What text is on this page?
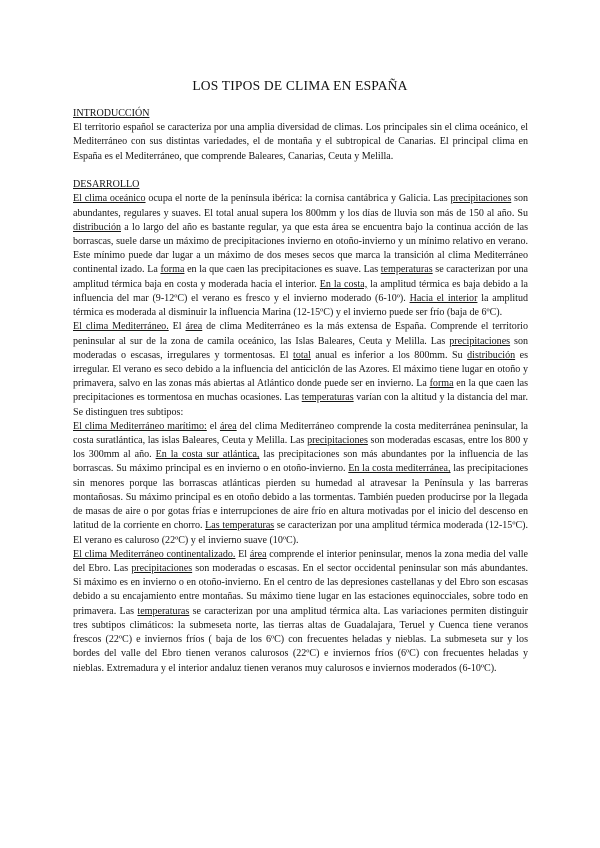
LOS TIPOS DE CLIMA EN ESPAÑA
INTRODUCCIÓN

El territorio español se caracteriza por una amplia diversidad de climas. Los principales sin el clima oceánico, el Mediterráneo con sus distintas variedades, el de montaña y el subtropical de Canarias. El principal clima en España es el Mediterráneo, que comprende Baleares, Canarias, Ceuta y Melilla.

DESARROLLO

El clima oceánico ocupa el norte de la península ibérica: la cornisa cantábrica y Galicia. Las precipitaciones son abundantes, regulares y suaves. El total anual supera los 800mm y los días de lluvia son más de 150 al año. Su distribución a lo largo del año es bastante regular, ya que esta área se encuentra bajo la continua acción de las borrascas, suele darse un máximo de precipitaciones invierno en otoño-invierno y un mínimo relativo en verano. Este mínimo puede dar lugar a un máximo de dos meses secos que marca la transición al clima Mediterráneo continental izado. La forma en la que caen las precipitaciones es suave. Las temperaturas se caracterizan por una amplitud térmica baja en costa y moderada hacia el interior. En la costa, la amplitud térmica es baja debido a la influencia del mar (9-12ºC) el verano es fresco y el invierno moderado (6-10º). Hacia el interior la amplitud térmica es moderada al disminuir la influencia Marina (12-15ºC) y el invierno puede ser frío (baja de 6ºC).

El clima Mediterráneo. El área de clima Mediterráneo es la más extensa de España. Comprende el territorio peninsular al sur de la zona de camila oceánico, las Islas Baleares, Ceuta y Melilla. Las precipitaciones son moderadas o escasas, irregulares y tormentosas. El total anual es inferior a los 800mm. Su distribución es irregular. El verano es seco debido a la influencia del anticiclón de las Azores. El máximo tiene lugar en otoño y primavera, salvo en las zonas más abiertas al Atlántico donde puede ser en invierno. La forma en la que caen las precipitaciones es tormentosa en muchas ocasiones. Las temperaturas varían con la altitud y la distancia del mar. Se distinguen tres subtipos:

El clima Mediterráneo marítimo: el área del clima Mediterráneo comprende la costa mediterránea peninsular, la costa suratlántica, las islas Baleares, Ceuta y Melilla. Las precipitaciones son moderadas escasas, entre los 800 y los 300mm al año. En la costa sur atlántica, las precipitaciones son más abundantes por la influencia de las borrascas. Su máximo principal es en invierno o en otoño-invierno. En la costa mediterránea, las precipitaciones sin menores porque las borrascas atlánticas pierden su humedad al atravesar la Península y las barreras montañosas. Su máximo principal es en otoño debido a las tormentas. También pueden producirse por la llegada de masas de aire o por gotas frías e interrupciones de aire frío en altura motivadas por el inicio del descenso en latitud de la corriente en chorro. Las temperaturas se caracterizan por una amplitud térmica moderada (12-15ºC). El verano es caluroso (22ºC) y el invierno suave (10ºC).

El clima Mediterráneo continentalizado. El área comprende el interior peninsular, menos la zona media del valle del Ebro. Las precipitaciones son moderadas o escasas. En el sector occidental peninsular son más abundantes. Si máximo es en invierno o en otoño-invierno. En el centro de las depresiones castellanas y del Ebro son escasas debido a su encajamiento entre montañas. Su máximo tiene lugar en las estaciones equinocciales, sobre todo en primavera. Las temperaturas se caracterizan por una amplitud térmica alta. Las variaciones permiten distinguir tres subtipos climáticos: la submeseta norte, las tierras altas de Guadalajara, Teruel y Cuenca tiene veranos frescos (22ºC) e inviernos fríos ( baja de los 6ºC) con frecuentes heladas y nieblas. La submeseta sur y los bordes del valle del Ebro tienen veranos calurosos (22ºC) e inviernos fríos (6ºC) con frecuentes heladas y nieblas. Extremadura y el interior andaluz tienen veranos muy calurosos e inviernos moderados (6-10ºC).
